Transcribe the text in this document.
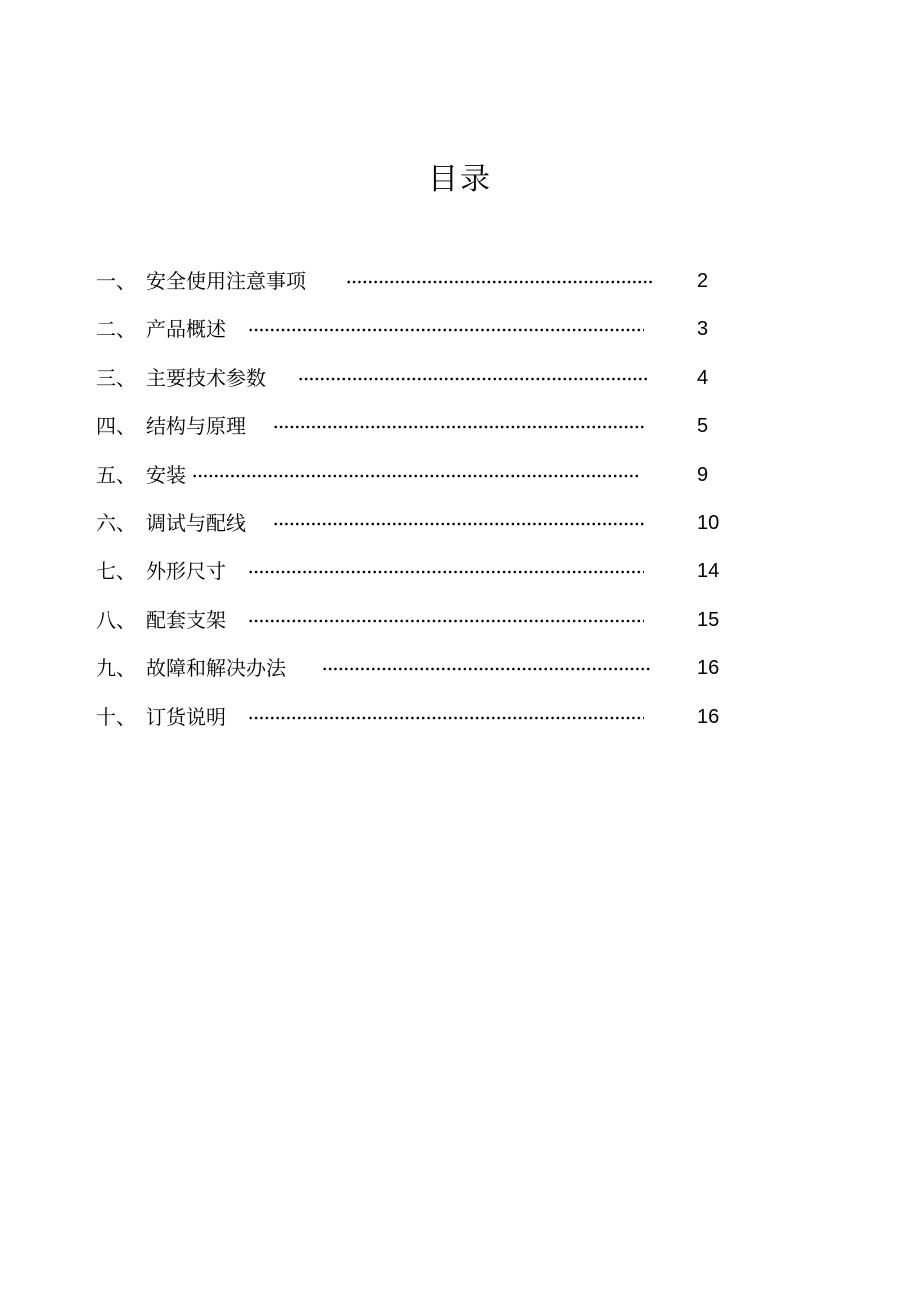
目录
一、 安全使用注意事项	2
二、 产品概述	3
三、 主要技术参数	4
四、 结构与原理	5
五、 安装	9
六、 调试与配线	10
七、 外形尺寸	14
八、 配套支架	15
九、 故障和解决办法	16
十、 订货说明	16
